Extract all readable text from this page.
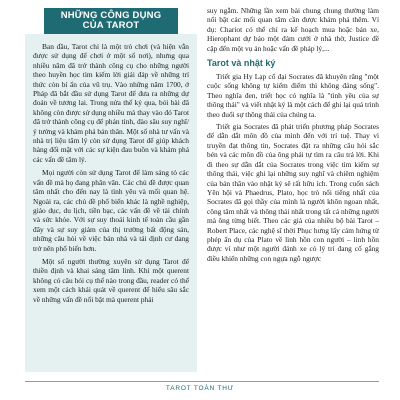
NHỮNG CÔNG DỤNG
CỦA TAROT

Ban đầu, Tarot chỉ là một trò chơi (và hiện vẫn được sử dụng để chơi ở một số nơi), nhưng qua nhiều năm đã trở thành công cụ cho những người theo huyền học tìm kiếm lời giải đáp về những trí thức còn bí ẩn của vũ trụ. Vào những năm 1700, ở Pháp đã bắt đầu sử dụng Tarot để đưa ra những dự đoán về tương lai. Trong nửa thế kỷ qua, bói bài đã không còn được sử dụng nhiều mà thay vào đó Tarot đã trở thành công cụ để phản tỉnh, đào sâu suy nghĩ/ý tưởng và khám phá bản thân. Một số nhà tư vấn và nhà trị liệu tâm lý còn sử dụng Tarot để giúp khách hàng đối mặt với các sự kiện đau buồn và khám phá các vấn đề tâm lý.

Mọi người còn sử dụng Tarot để làm sáng tỏ các vấn đề mà họ đang phân vân. Các chủ đề được quan tâm nhất cho đến nay là tình yêu và mối quan hệ. Ngoài ra, các chủ đề phổ biến khác là nghề nghiệp, giáo dục, du lịch, tiền bạc, các vấn đề về tài chính và sức khỏe. Với sự suy thoái kinh tế toàn cầu gần đây và sự suy giảm của thị trường bất động sản, những câu hỏi về việc bán nhà và tái định cư đang trở nên phổ biến hơn.

Một số người thường xuyên sử dụng Tarot để thiền định và khai sáng tâm linh. Khi một querent không có câu hỏi cụ thể nào trong đầu, reader có thể xem một cách khái quát về querent để hiểu sâu sắc về những vấn đề nổi bật mà querent phải

suy ngẫm. Những lần xem bài chung chung thường làm nổi bật các mối quan tâm cần được khám phá thêm. Ví dụ: Chariot có thể chỉ ra kế hoạch mua hoặc bán xe, Hierophant dự báo một đám cưới ở nhà thờ, Justice đề cập đến một vụ án hoặc vấn đề pháp lý,...

Tarot và nhật ký

Triết gia Hy Lạp cổ đại Socrates đã khuyên răng "một cuộc sống không tự kiểm điểm thì không đáng sống". Theo nghĩa đen, triết học có nghĩa là "tình yêu của sự thông thái" và viết nhật ký là một cách để ghi lại quá trình theo đuổi sự thông thái của chúng ta.

Triết gia Socrates đã phát triển phương pháp Socrates để dẫn dắt môn đồ của mình đến với trí tuệ. Thay vì truyền đạt thông tin, Socrates đặt ra những câu hỏi sắc bén và các môn đồ của ông phải tự tìm ra câu trả lời. Khi đi theo sự dẫn dắt của Socrates trong việc tìm kiếm sự thông thái, việc ghi lại những suy nghĩ và chiêm nghiệm của bản thân vào nhật ký sẽ rất hữu ích. Trong cuốn sách Yên hội và Phaedrus, Plato, học trò nổi tiếng nhất của Socrates đã gọi thầy của mình là người khôn ngoan nhất, công tâm nhất và thông thái nhất trong tất cả những người mà ông từng biết. Theo các giả của nhiều bộ bài Tarot – Robert Place, các nghệ sĩ thời Phục hưng lấy cảm hứng từ phép ẩn dụ của Plato về linh hồn con người – linh hồn được ví như một người đánh xe cỏ lý trí đang cố gắng điều khiển những con ngựa ngỗ ngược

TAROT TOÀN THƯ
